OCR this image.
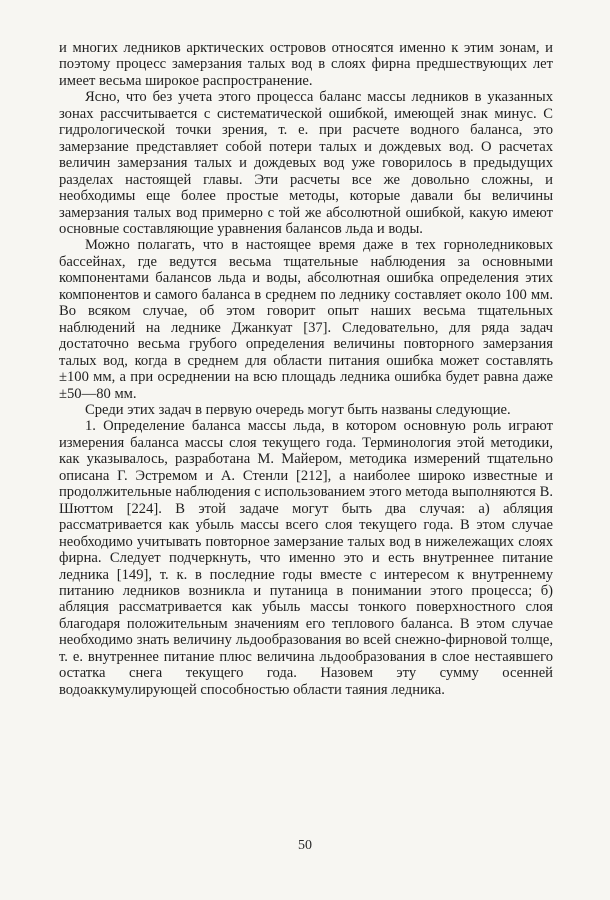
и многих ледников арктических островов относятся именно к этим зонам, и поэтому процесс замерзания талых вод в слоях фирна предшествующих лет имеет весьма широкое распространение.

Ясно, что без учета этого процесса баланс массы ледников в указанных зонах рассчитывается с систематической ошибкой, имеющей знак минус. С гидрологической точки зрения, т. е. при расчете водного баланса, это замерзание представляет собой потери талых и дождевых вод. О расчетах величин замерзания талых и дождевых вод уже говорилось в предыдущих разделах настоящей главы. Эти расчеты все же довольно сложны, и необходимы еще более простые методы, которые давали бы величины замерзания талых вод примерно с той же абсолютной ошибкой, какую имеют основные составляющие уравнения балансов льда и воды.

Можно полагать, что в настоящее время даже в тех горноледниковых бассейнах, где ведутся весьма тщательные наблюдения за основными компонентами балансов льда и воды, абсолютная ошибка определения этих компонентов и самого баланса в среднем по леднику составляет около 100 мм. Во всяком случае, об этом говорит опыт наших весьма тщательных наблюдений на леднике Джанкуат [37]. Следовательно, для ряда задач достаточно весьма грубого определения величины повторного замерзания талых вод, когда в среднем для области питания ошибка может составлять ±100 мм, а при осреднении на всю площадь ледника ошибка будет равна даже ±50—80 мм.

Среди этих задач в первую очередь могут быть названы следующие.

1. Определение баланса массы льда, в котором основную роль играют измерения баланса массы слоя текущего года. Терминология этой методики, как указывалось, разработана М. Майером, методика измерений тщательно описана Г. Эстремом и А. Стенли [212], а наиболее широко известные и продолжительные наблюдения с использованием этого метода выполняются В. Шюттом [224]. В этой задаче могут быть два случая: а) абляция рассматривается как убыль массы всего слоя текущего года. В этом случае необходимо учитывать повторное замерзание талых вод в нижележащих слоях фирна. Следует подчеркнуть, что именно это и есть внутреннее питание ледника [149], т. к. в последние годы вместе с интересом к внутреннему питанию ледников возникла и путаница в понимании этого процесса; б) абляция рассматривается как убыль массы тонкого поверхностного слоя благодаря положительным значениям его теплового баланса. В этом случае необходимо знать величину льдообразования во всей снежно-фирновой толще, т. е. внутреннее питание плюс величина льдообразования в слое нестаявшего остатка снега текущего года. Назовем эту сумму осенней водоаккумулирующей способностью области таяния ледника.

50
